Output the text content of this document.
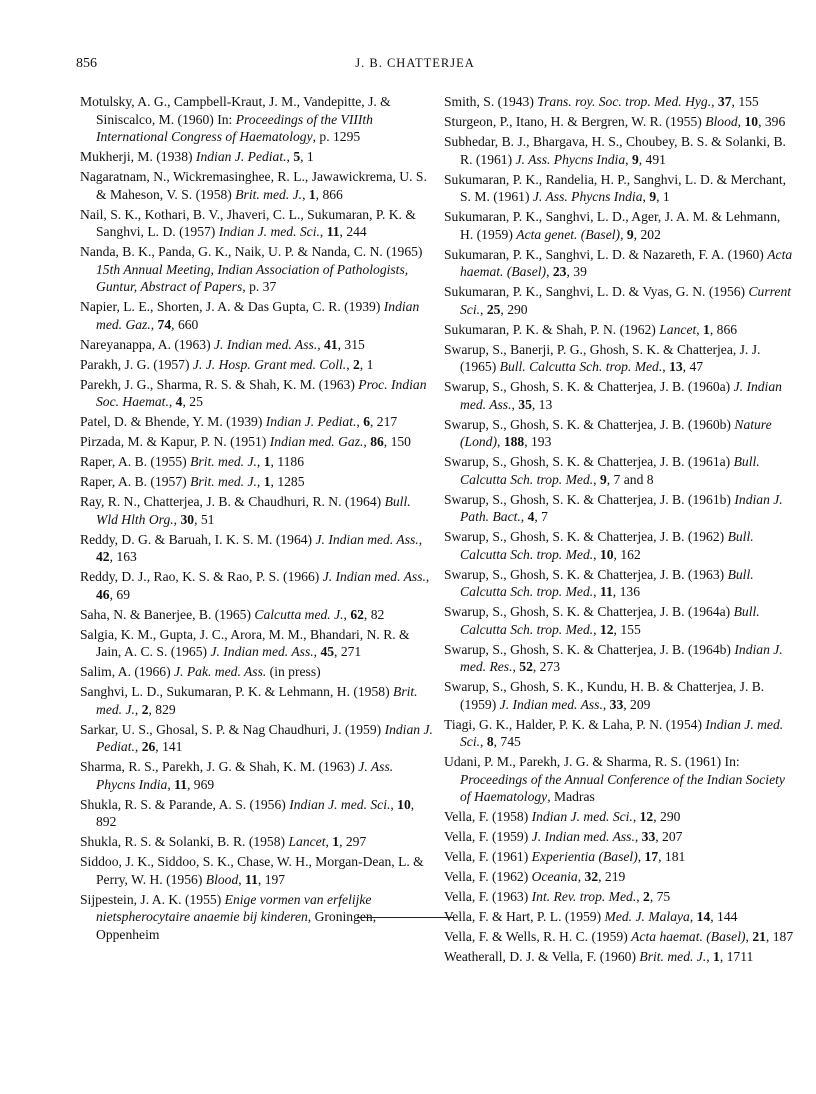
856	J. B. CHATTERJEA

Motulsky, A. G., Campbell-Kraut, J. M., Vandepitte, J. & Siniscalco, M. (1960) In: Proceedings of the VIIIth International Congress of Haematology, p. 1295

Mukherji, M. (1938) Indian J. Pediat., 5, 1

Nagaratnam, N., Wickremasinghee, R. L., Jawawickrema, U. S. & Maheson, V. S. (1958) Brit. med. J., 1, 866

Nail, S. K., Kothari, B. V., Jhaveri, C. L., Sukumaran, P. K. & Sanghvi, L. D. (1957) Indian J. med. Sci., 11, 244

Nanda, B. K., Panda, G. K., Naik, U. P. & Nanda, C. N. (1965) 15th Annual Meeting, Indian Association of Pathologists, Guntur, Abstract of Papers, p. 37

Napier, L. E., Shorten, J. A. & Das Gupta, C. R. (1939) Indian med. Gaz., 74, 660

Nareyanappa, A. (1963) J. Indian med. Ass., 41, 315

Parakh, J. G. (1957) J. J. Hosp. Grant med. Coll., 2, 1

Parekh, J. G., Sharma, R. S. & Shah, K. M. (1963) Proc. Indian Soc. Haemat., 4, 25

Patel, D. & Bhende, Y. M. (1939) Indian J. Pediat., 6, 217

Pirzada, M. & Kapur, P. N. (1951) Indian med. Gaz., 86, 150

Raper, A. B. (1955) Brit. med. J., 1, 1186

Raper, A. B. (1957) Brit. med. J., 1, 1285

Ray, R. N., Chatterjea, J. B. & Chaudhuri, R. N. (1964) Bull. Wld Hlth Org., 30, 51

Reddy, D. G. & Baruah, I. K. S. M. (1964) J. Indian med. Ass., 42, 163

Reddy, D. J., Rao, K. S. & Rao, P. S. (1966) J. Indian med. Ass., 46, 69

Saha, N. & Banerjee, B. (1965) Calcutta med. J., 62, 82

Salgia, K. M., Gupta, J. C., Arora, M. M., Bhandari, N. R. & Jain, A. C. S. (1965) J. Indian med. Ass., 45, 271

Salim, A. (1966) J. Pak. med. Ass. (in press)

Sanghvi, L. D., Sukumaran, P. K. & Lehmann, H. (1958) Brit. med. J., 2, 829

Sarkar, U. S., Ghosal, S. P. & Nag Chaudhuri, J. (1959) Indian J. Pediat., 26, 141

Sharma, R. S., Parekh, J. G. & Shah, K. M. (1963) J. Ass. Phycns India, 11, 969

Shukla, R. S. & Parande, A. S. (1956) Indian J. med. Sci., 10, 892

Shukla, R. S. & Solanki, B. R. (1958) Lancet, 1, 297

Siddoo, J. K., Siddoo, S. K., Chase, W. H., Morgan-Dean, L. & Perry, W. H. (1956) Blood, 11, 197

Sijpestein, J. A. K. (1955) Enige vormen van erfelijke nietspherocytaire anaemie bij kinderen, Groningen, Oppenheim

Smith, S. (1943) Trans. roy. Soc. trop. Med. Hyg., 37, 155

Sturgeon, P., Itano, H. & Bergren, W. R. (1955) Blood, 10, 396

Subhedar, B. J., Bhargava, H. S., Choubey, B. S. & Solanki, B. R. (1961) J. Ass. Phycns India, 9, 491

Sukumaran, P. K., Randelia, H. P., Sanghvi, L. D. & Merchant, S. M. (1961) J. Ass. Phycns India, 9, 1

Sukumaran, P. K., Sanghvi, L. D., Ager, J. A. M. & Lehmann, H. (1959) Acta genet. (Basel), 9, 202

Sukumaran, P. K., Sanghvi, L. D. & Nazareth, F. A. (1960) Acta haemat. (Basel), 23, 39

Sukumaran, P. K., Sanghvi, L. D. & Vyas, G. N. (1956) Current Sci., 25, 290

Sukumaran, P. K. & Shah, P. N. (1962) Lancet, 1, 866

Swarup, S., Banerji, P. G., Ghosh, S. K. & Chatterjea, J. J. (1965) Bull. Calcutta Sch. trop. Med., 13, 47

Swarup, S., Ghosh, S. K. & Chatterjea, J. B. (1960a) J. Indian med. Ass., 35, 13

Swarup, S., Ghosh, S. K. & Chatterjea, J. B. (1960b) Nature (Lond), 188, 193

Swarup, S., Ghosh, S. K. & Chatterjea, J. B. (1961a) Bull. Calcutta Sch. trop. Med., 9, 7 and 8

Swarup, S., Ghosh, S. K. & Chatterjea, J. B. (1961b) Indian J. Path. Bact., 4, 7

Swarup, S., Ghosh, S. K. & Chatterjea, J. B. (1962) Bull. Calcutta Sch. trop. Med., 10, 162

Swarup, S., Ghosh, S. K. & Chatterjea, J. B. (1963) Bull. Calcutta Sch. trop. Med., 11, 136

Swarup, S., Ghosh, S. K. & Chatterjea, J. B. (1964a) Bull. Calcutta Sch. trop. Med., 12, 155

Swarup, S., Ghosh, S. K. & Chatterjea, J. B. (1964b) Indian J. med. Res., 52, 273

Swarup, S., Ghosh, S. K., Kundu, H. B. & Chatterjea, J. B. (1959) J. Indian med. Ass., 33, 209

Tiagi, G. K., Halder, P. K. & Laha, P. N. (1954) Indian J. med. Sci., 8, 745

Udani, P. M., Parekh, J. G. & Sharma, R. S. (1961) In: Proceedings of the Annual Conference of the Indian Society of Haematology, Madras

Vella, F. (1958) Indian J. med. Sci., 12, 290

Vella, F. (1959) J. Indian med. Ass., 33, 207

Vella, F. (1961) Experientia (Basel), 17, 181

Vella, F. (1962) Oceania, 32, 219

Vella, F. (1963) Int. Rev. trop. Med., 2, 75

Vella, F. & Hart, P. L. (1959) Med. J. Malaya, 14, 144

Vella, F. & Wells, R. H. C. (1959) Acta haemat. (Basel), 21, 187

Weatherall, D. J. & Vella, F. (1960) Brit. med. J., 1, 1711
